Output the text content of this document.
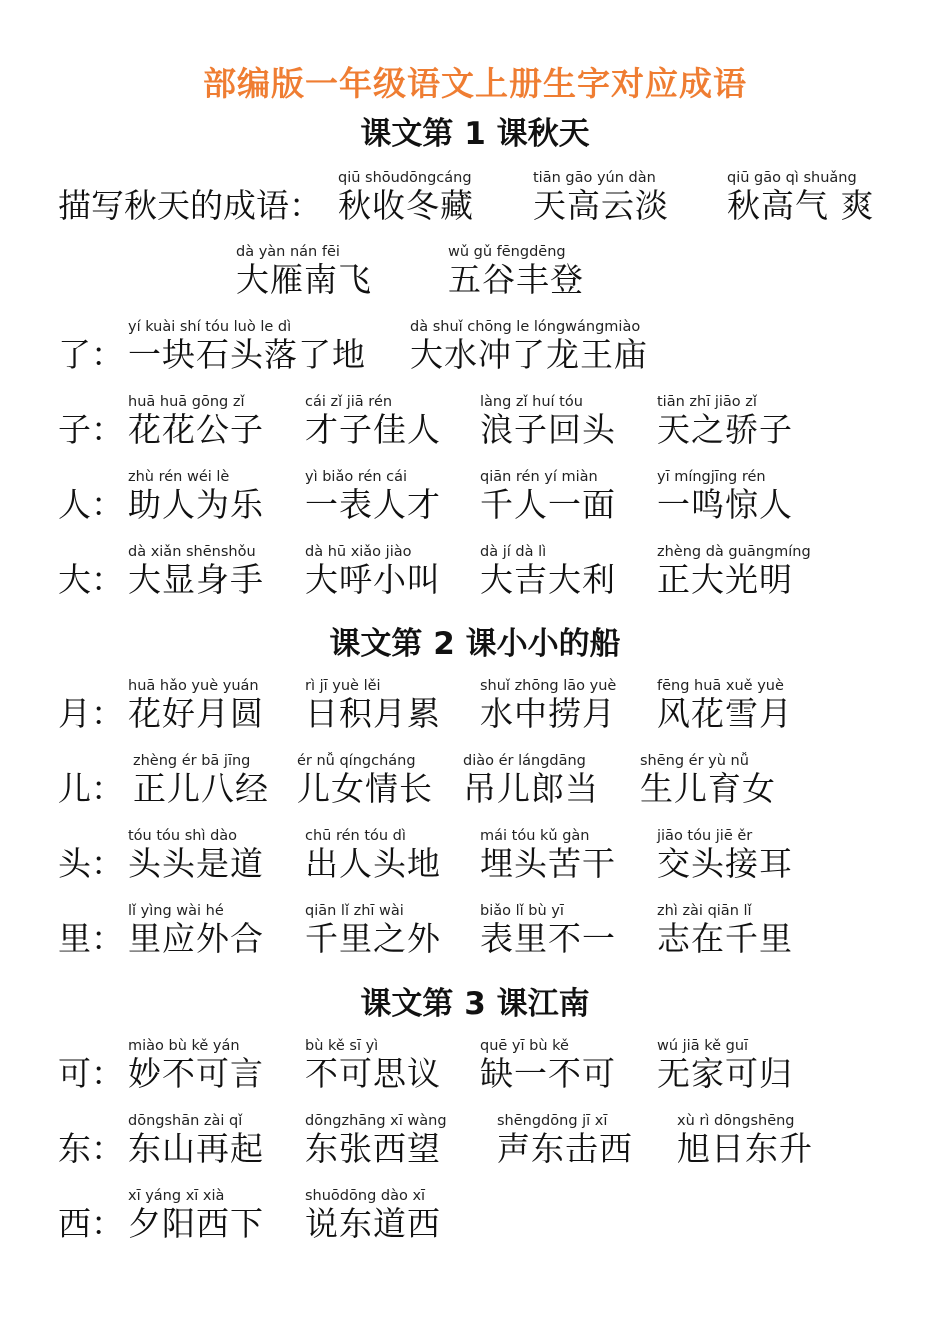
部编版一年级语文上册生字对应成语
课文第 1 课秋天
描写秋天的成语：
qiū shōudōngcáng
秋收冬藏
tiān gāo yún dàn
天高云淡
qiū gāo qì shuǎng
秋高气 爽
dà yàn nán fēi
大雁南飞
wǔ gǔ fēngdēng
五谷丰登
了：
yí kuài shí tóu luò le dì
一块石头落了地
dà shuǐ chōng le lóngwángmiào
大水冲了龙王庙
子：
huā huā gōng zǐ
花花公子
cái zǐ jiā rén
才子佳人
làng zǐ huí tóu
浪子回头
tiān zhī jiāo zǐ
天之骄子
人：
zhù rén wéi lè
助人为乐
yì biǎo rén cái
一表人才
qiān rén yí miàn
千人一面
yī míngjīng rén
一鸣惊人
大：
dà xiǎn shēnshǒu
大显身手
dà hū xiǎo jiào
大呼小叫
dà jí dà lì
大吉大利
zhèng dà guāngmíng
正大光明
课文第 2 课小小的船
月：
huā hǎo yuè yuán
花好月圆
rì jī yuè lěi
日积月累
shuǐ zhōng lāo yuè
水中捞月
fēng huā xuě yuè
风花雪月
儿：
zhèng ér bā jīng
正儿八经
ér nǚ qíngcháng
儿女情长
diào ér lángdāng
吊儿郎当
shēng ér yù nǚ
生儿育女
头：
tóu tóu shì dào
头头是道
chū rén tóu dì
出人头地
mái tóu kǔ gàn
埋头苦干
jiāo tóu jiē ěr
交头接耳
里：
lǐ yìng wài hé
里应外合
qiān lǐ zhī wài
千里之外
biǎo lǐ bù yī
表里不一
zhì zài qiān lǐ
志在千里
课文第 3 课江南
可：
miào bù kě yán
妙不可言
bù kě sī yì
不可思议
quē yī bù kě
缺一不可
wú jiā kě guī
无家可归
东：
dōngshān zài qǐ
东山再起
dōngzhāng xī wàng
东张西望
shēngdōng jī xī
声东击西
xù rì dōngshēng
旭日东升
西：
xī yáng xī xià
夕阳西下
shuōdōng dào xī
说东道西
